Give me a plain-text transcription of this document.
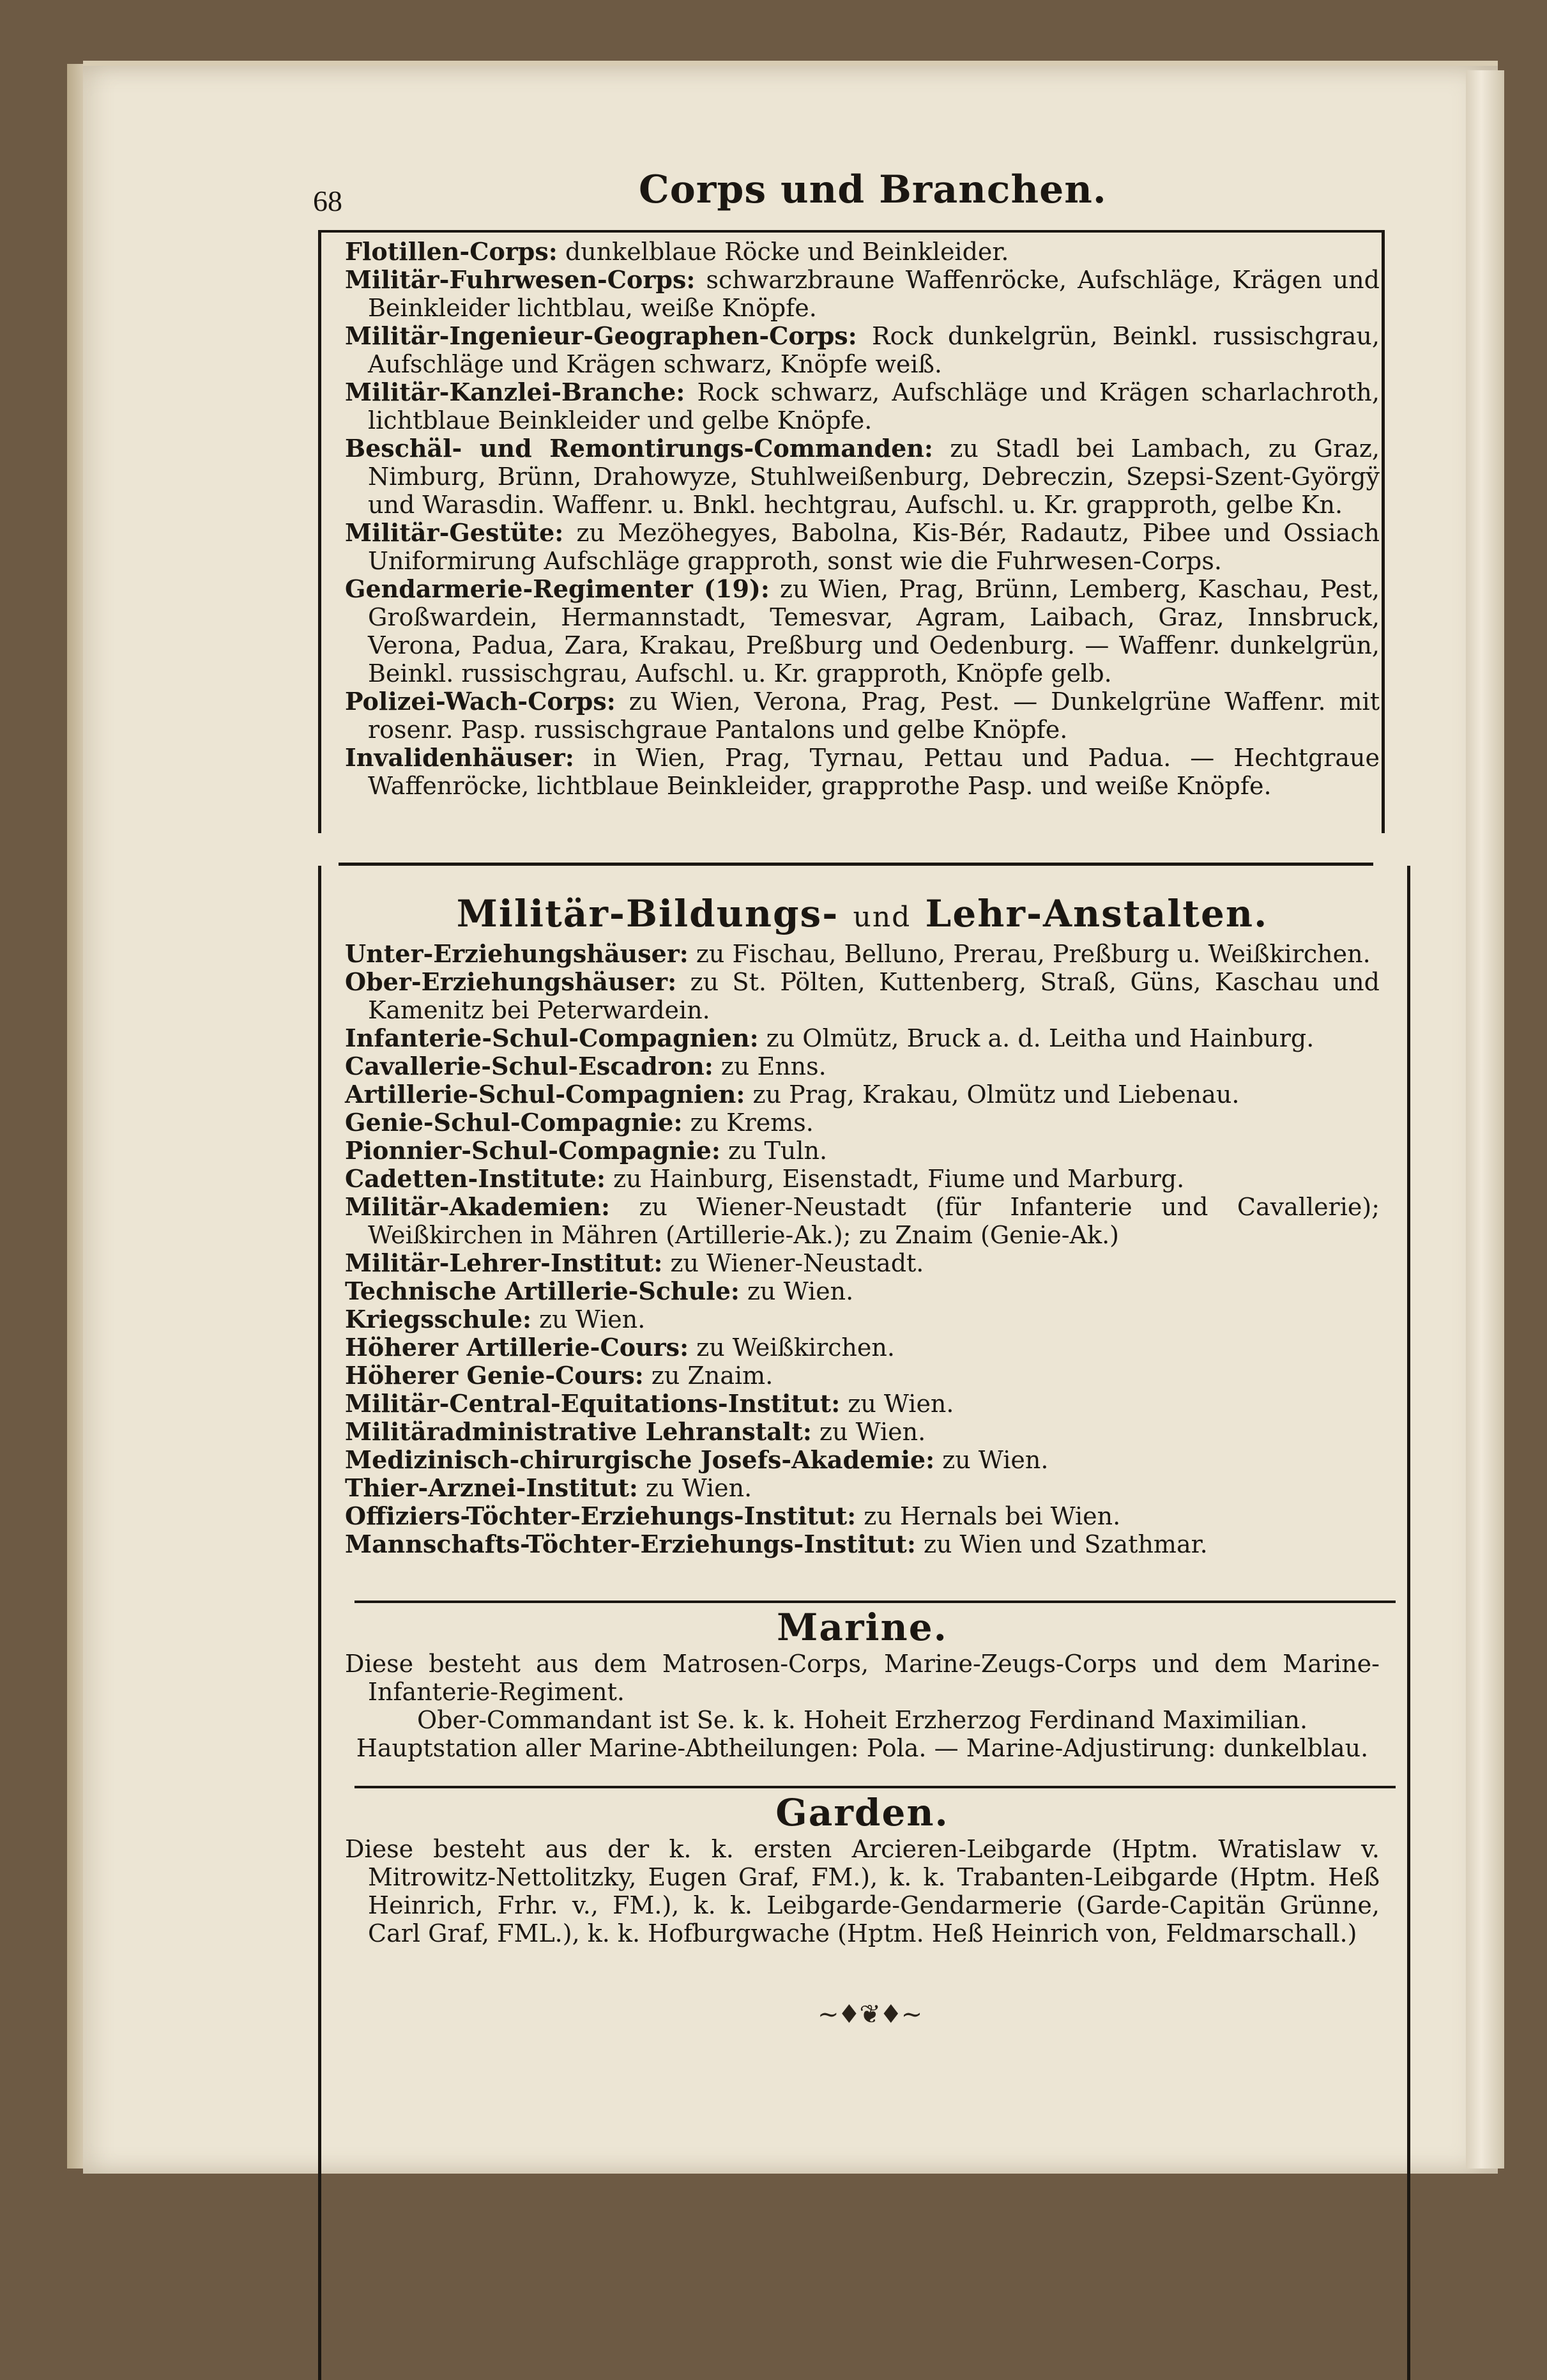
68	Corps und Branchen.

Flotillen-Corps: dunkelblaue Röcke und Beinkleider.

Militär-Fuhrwesen-Corps: schwarzbraune Waffenröcke, Aufschläge, Krägen und Beinkleider lichtblau, weiße Knöpfe.

Militär-Ingenieur-Geographen-Corps: Rock dunkelgrün, Beinkl. russischgrau, Aufschläge und Krägen schwarz, Knöpfe weiß.

Militär-Kanzlei-Branche: Rock schwarz, Aufschläge und Krägen scharlachroth, lichtblaue Beinkleider und gelbe Knöpfe.

Beschäl- und Remontirungs-Commanden: zu Stadl bei Lambach, zu Graz, Nimburg, Brünn, Drahowyze, Stuhlweißenburg, Debreczin, Szepsi-Szent-Györgÿ und Warasdin. Waffenr. u. Bnkl. hechtgrau, Aufschl. u. Kr. grapproth, gelbe Kn.

Militär-Gestüte: zu Mezöhegyes, Babolna, Kis-Bér, Radautz, Pibee und Ossiach Uniformirung Aufschläge grapproth, sonst wie die Fuhrwesen-Corps.

Gendarmerie-Regimenter (19): zu Wien, Prag, Brünn, Lemberg, Kaschau, Pest, Großwardein, Hermannstadt, Temesvar, Agram, Laibach, Graz, Innsbruck, Verona, Padua, Zara, Krakau, Preßburg und Oedenburg. — Waffenr. dunkelgrün, Beinkl. russischgrau, Aufschl. u. Kr. grapproth, Knöpfe gelb.

Polizei-Wach-Corps: zu Wien, Verona, Prag, Pest. — Dunkelgrüne Waffenr. mit rosenr. Pasp. russischgraue Pantalons und gelbe Knöpfe.

Invalidenhäuser: in Wien, Prag, Tyrnau, Pettau und Padua. — Hechtgraue Waffenröcke, lichtblaue Beinkleider, grapprothe Pasp. und weiße Knöpfe.

Militär-Bildungs- und Lehr-Anstalten.

Unter-Erziehungshäuser: zu Fischau, Belluno, Prerau, Preßburg u. Weißkirchen.

Ober-Erziehungshäuser: zu St. Pölten, Kuttenberg, Straß, Güns, Kaschau und Kamenitz bei Peterwardein.

Infanterie-Schul-Compagnien: zu Olmütz, Bruck a. d. Leitha und Hainburg.

Cavallerie-Schul-Escadron: zu Enns.

Artillerie-Schul-Compagnien: zu Prag, Krakau, Olmütz und Liebenau.

Genie-Schul-Compagnie: zu Krems.

Pionnier-Schul-Compagnie: zu Tuln.

Cadetten-Institute: zu Hainburg, Eisenstadt, Fiume und Marburg.

Militär-Akademien: zu Wiener-Neustadt (für Infanterie und Cavallerie); Weißkirchen in Mähren (Artillerie-Ak.); zu Znaim (Genie-Ak.)

Militär-Lehrer-Institut: zu Wiener-Neustadt.

Technische Artillerie-Schule: zu Wien.

Kriegsschule: zu Wien.

Höherer Artillerie-Cours: zu Weißkirchen.

Höherer Genie-Cours: zu Znaim.

Militär-Central-Equitations-Institut: zu Wien.

Militäradministrative Lehranstalt: zu Wien.

Medizinisch-chirurgische Josefs-Akademie: zu Wien.

Thier-Arznei-Institut: zu Wien.

Offiziers-Töchter-Erziehungs-Institut: zu Hernals bei Wien.

Mannschafts-Töchter-Erziehungs-Institut: zu Wien und Szathmar.

Marine.

Diese besteht aus dem Matrosen-Corps, Marine-Zeugs-Corps und dem Marine-Infanterie-Regiment.

Ober-Commandant ist Se. k. k. Hoheit Erzherzog Ferdinand Maximilian.
Hauptstation aller Marine-Abtheilungen: Pola. — Marine-Adjustirung: dunkelblau.
Garden.

Diese besteht aus der k. k. ersten Arcieren-Leibgarde (Hptm. Wratislaw v. Mitrowitz-Nettolitzky, Eugen Graf, FM.), k. k. Trabanten-Leibgarde (Hptm. Heß Heinrich, Frhr. v., FM.), k. k. Leibgarde-Gendarmerie (Garde-Capitän Grünne, Carl Graf, FML.), k. k. Hofburgwache (Hptm. Heß Heinrich von, Feldmarschall.)

~♦❦♦~
